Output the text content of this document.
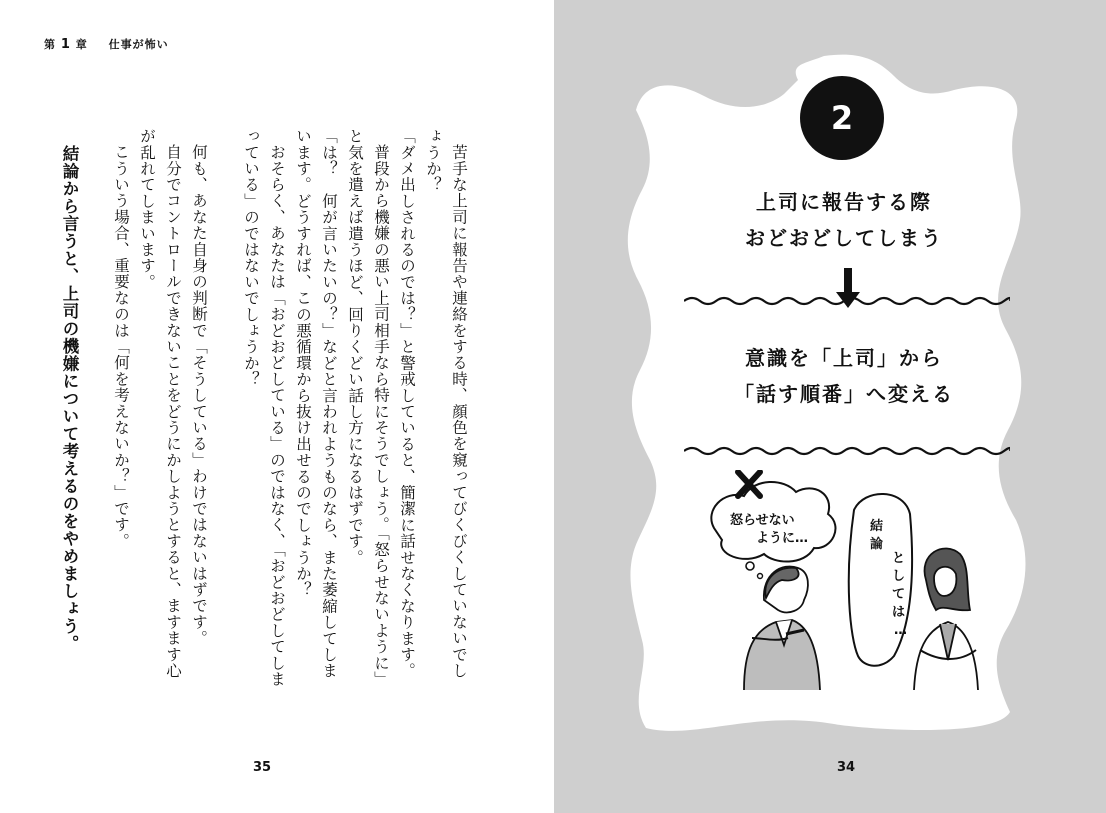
第 1 章 仕事が怖い

苦手な上司に報告や連絡をする時、顔色を窺ってびくびくしていないでしょうか？

「ダメ出しされるのでは？」と警戒していると、簡潔に話せなくなります。

普段から機嫌の悪い上司相手なら特にそうでしょう。「怒らせないように」と気を遣えば遣うほど、回りくどい話し方になるはずです。

「は？　何が言いたいの？」などと言われようものなら、また萎縮してしまいます。どうすれば、この悪循環から抜け出せるのでしょうか？

おそらく、あなたは「おどおどしている」のではなく、「おどおどしてしまっている」のではないでしょうか？

何も、あなた自身の判断で「そうしている」わけではないはずです。

自分でコントロールできないことをどうにかしようとすると、ますます心が乱れてしまいます。

こういう場合、重要なのは「何を考えないか？」です。

結論から言うと、上司の機嫌について考えるのをやめましょう。

35
2
上司に報告する際
おどおどしてしまう
意識を「上司」から
「話す順番」へ変える
怒らせない
ように…
結
論
と
し
て
は
…
34
